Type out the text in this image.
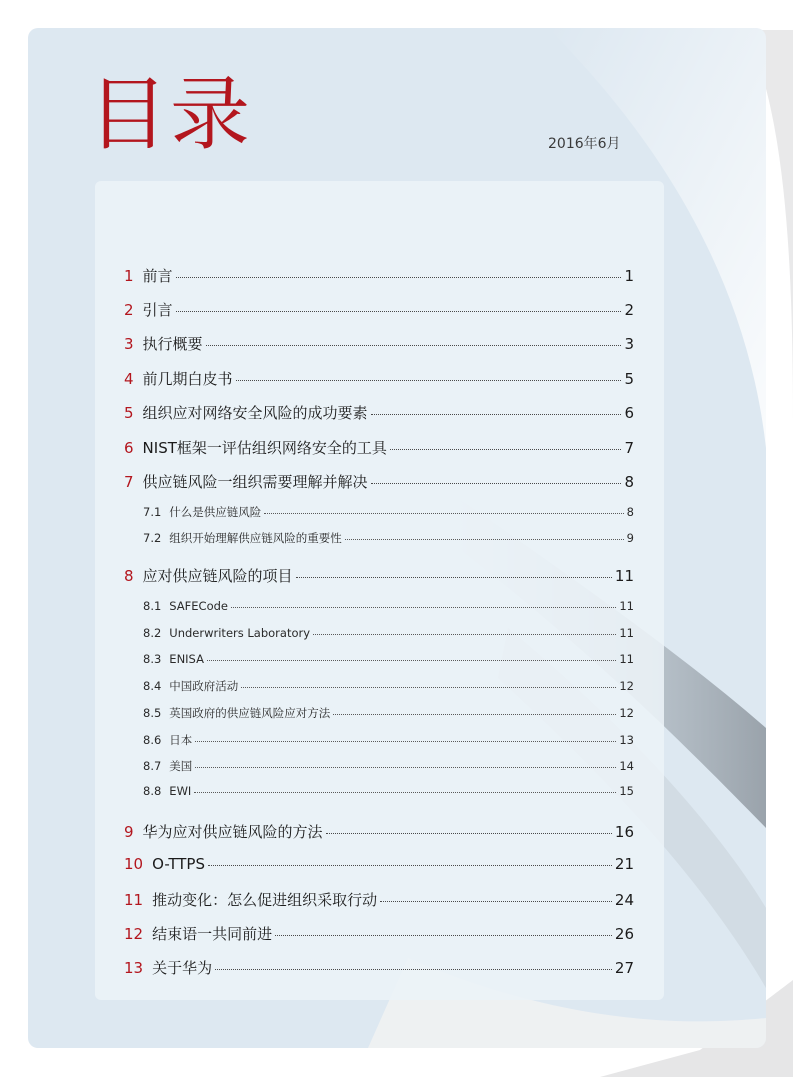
目录	2016年6月
1 前言	1
2 引言	2
3 执行概要	3
4 前几期白皮书	5
5 组织应对网络安全风险的成功要素	6
6 NIST框架一评估组织网络安全的工具	7
7 供应链风险一组织需要理解并解决	8
7.1 什么是供应链风险	8
7.2 组织开始理解供应链风险的重要性	9
8 应对供应链风险的项目	11
8.1 SAFECode	11
8.2 Underwriters Laboratory	11
8.3 ENISA	11
8.4 中国政府活动	12
8.5 英国政府的供应链风险应对方法	12
8.6 日本	13
8.7 美国	14
8.8 EWI	15
9 华为应对供应链风险的方法	16
10 O-TTPS	21
11 推动变化：怎么促进组织采取行动	24
12 结束语一共同前进	26
13 关于华为	27
